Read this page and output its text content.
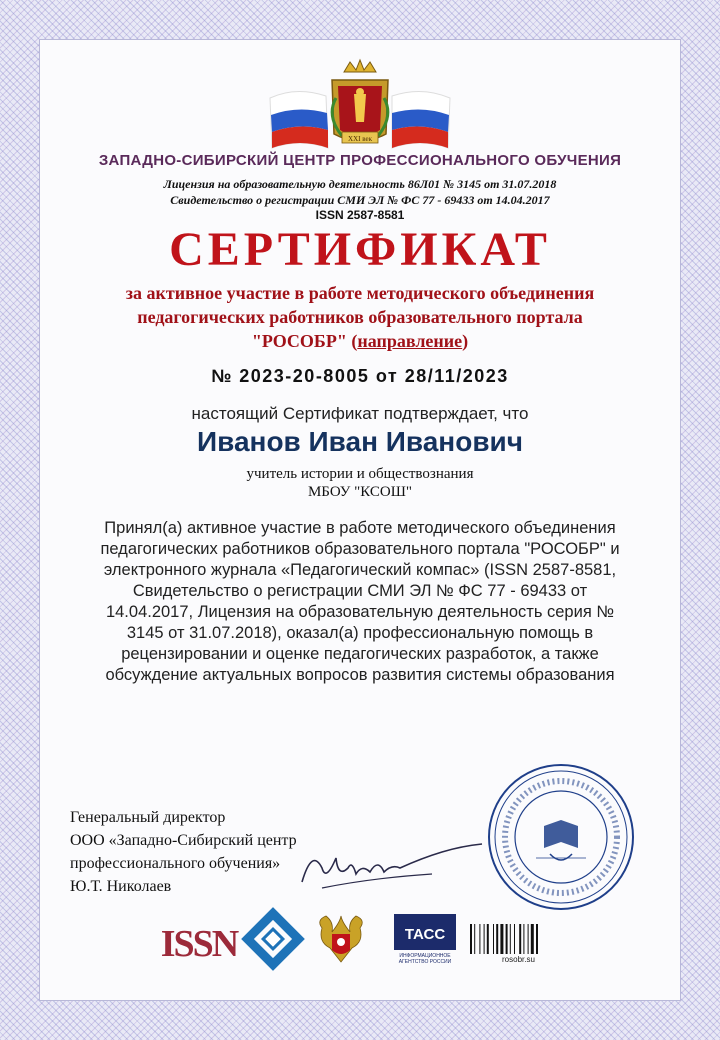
XXI век
ЗАПАДНО-СИБИРСКИЙ ЦЕНТР ПРОФЕССИОНАЛЬНОГО ОБУЧЕНИЯ
Лицензия на образовательную деятельность 86Л01 № 3145 от 31.07.2018
Свидетельство о регистрации СМИ ЭЛ № ФС 77 - 69433 от 14.04.2017
ISSN 2587-8581
СЕРТИФИКАТ
за активное участие в работе методического объединения
педагогических работников образовательного портала
"РОСОБР" (направление)
№ 2023-20-8005 от 28/11/2023
настоящий Сертификат подтверждает, что
Иванов Иван Иванович
учитель истории и обществознания
МБОУ "КСОШ"
Принял(а) активное участие в работе методического объединения
педагогических работников образовательного портала "РОСОБР" и
электронного журнала «Педагогический компас» (ISSN 2587-8581,
Свидетельство о регистрации СМИ ЭЛ № ФС 77 - 69433 от
14.04.2017, Лицензия на образовательную деятельность серия №
3145 от 31.07.2018), оказал(а) профессиональную помощь в
рецензировании и оценке педагогических разработок, а также
обсуждение актуальных вопросов развития системы образования
Генеральный директор
ООО «Западно-Сибирский центр
профессионального обучения»
Ю.Т. Николаев
ISSN	ТАСС
ИНФОРМАЦИОННОЕ
АГЕНТСТВО РОССИИ	rosobr.su
